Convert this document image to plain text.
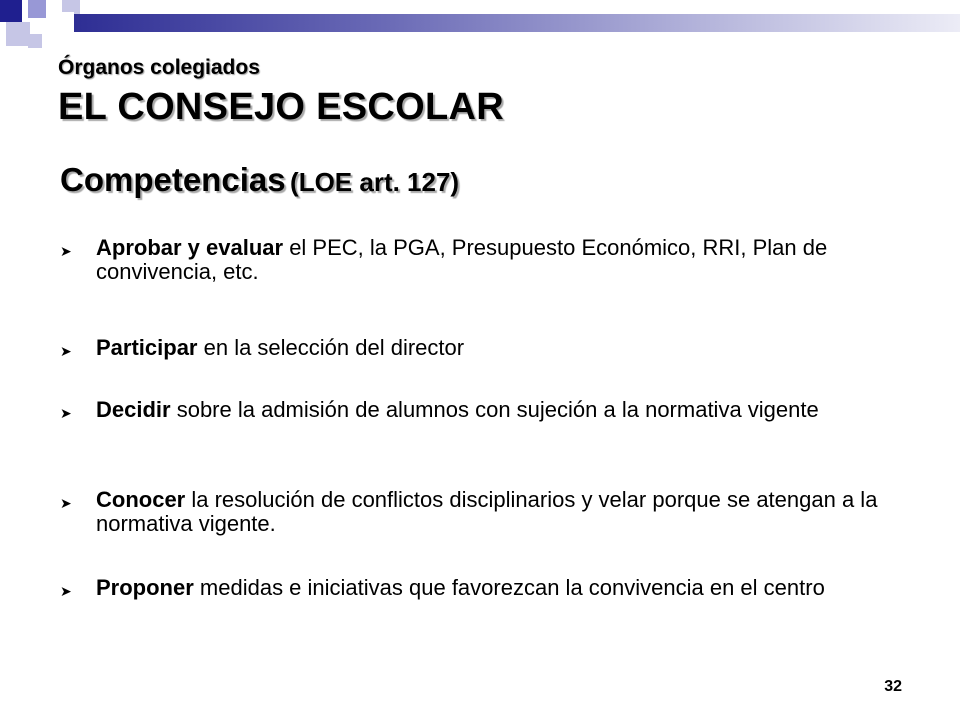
Órganos colegiados
EL CONSEJO ESCOLAR
Competencias (LOE art. 127)
➤	Aprobar y evaluar el PEC, la PGA, Presupuesto Económico, RRI, Plan de convivencia, etc.
➤	Participar en la selección del director
➤	Decidir sobre la admisión de alumnos con sujeción a la normativa vigente
➤	Conocer la resolución de conflictos disciplinarios y velar porque se atengan a la normativa vigente.
➤	Proponer medidas e iniciativas que favorezcan la convivencia en el centro
32
